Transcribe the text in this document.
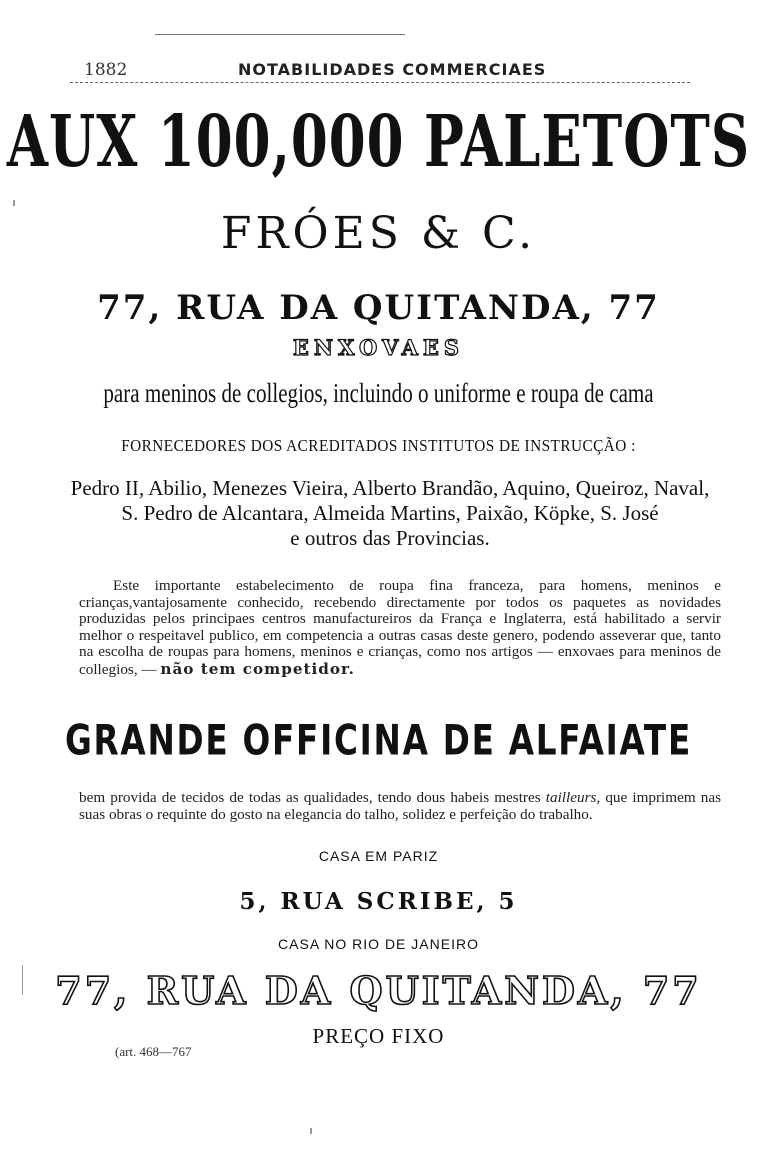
1882	NOTABILIDADES COMMERCIAES
AUX 100,000 PALETOTS
FRÓES & C.
77, RUA DA QUITANDA, 77
ENXOVAES
para meninos de collegios, incluindo o uniforme e roupa de cama
FORNECEDORES DOS ACREDITADOS INSTITUTOS DE INSTRUCÇÃO :
Pedro II, Abilio, Menezes Vieira, Alberto Brandão, Aquino, Queiroz, Naval,
S. Pedro de Alcantara, Almeida Martins, Paixão, Köpke, S. José
e outros das Provincias.
Este importante estabelecimento de roupa fina franceza, para homens, meninos e crianças,vantajosamente conhecido, recebendo directamente por todos os paquetes as novidades produzidas pelos principaes centros manufactureiros da França e Inglaterra, está habilitado a servir melhor o respeitavel publico, em competencia a outras casas deste genero, podendo asseverar que, tanto na escolha de roupas para homens, meninos e crianças, como nos artigos — enxovaes para meninos de collegios, — não tem competidor.
GRANDE OFFICINA DE ALFAIATE
bem provida de tecidos de todas as qualidades, tendo dous habeis mestres tailleurs, que imprimem nas suas obras o requinte do gosto na elegancia do talho, solidez e perfeição do trabalho.
CASA EM PARIZ
5, RUA SCRIBE, 5
CASA NO RIO DE JANEIRO
77, RUA DA QUITANDA, 77
PREÇO FIXO
(art. 468—767
